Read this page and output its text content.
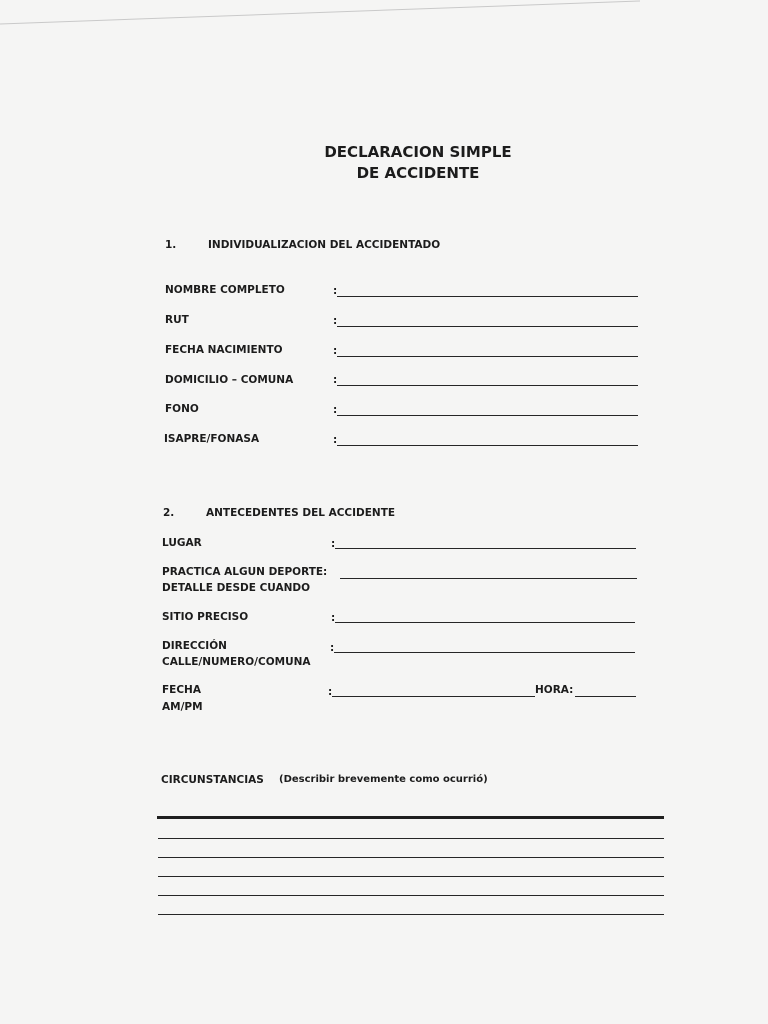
DECLARACION SIMPLE
DE ACCIDENTE
1.	INDIVIDUALIZACION DEL ACCIDENTADO
NOMBRE COMPLETO	:
RUT	:
FECHA NACIMIENTO	:
DOMICILIO – COMUNA	:
FONO	:
ISAPRE/FONASA	:
2.	ANTECEDENTES DEL ACCIDENTE
LUGAR	:
PRACTICA ALGUN DEPORTE:
DETALLE DESDE CUANDO
SITIO PRECISO	:
DIRECCIÓN
CALLE/NUMERO/COMUNA
:
FECHA
AM/PM
:	HORA:
CIRCUNSTANCIAS (Describir brevemente como ocurrió)
